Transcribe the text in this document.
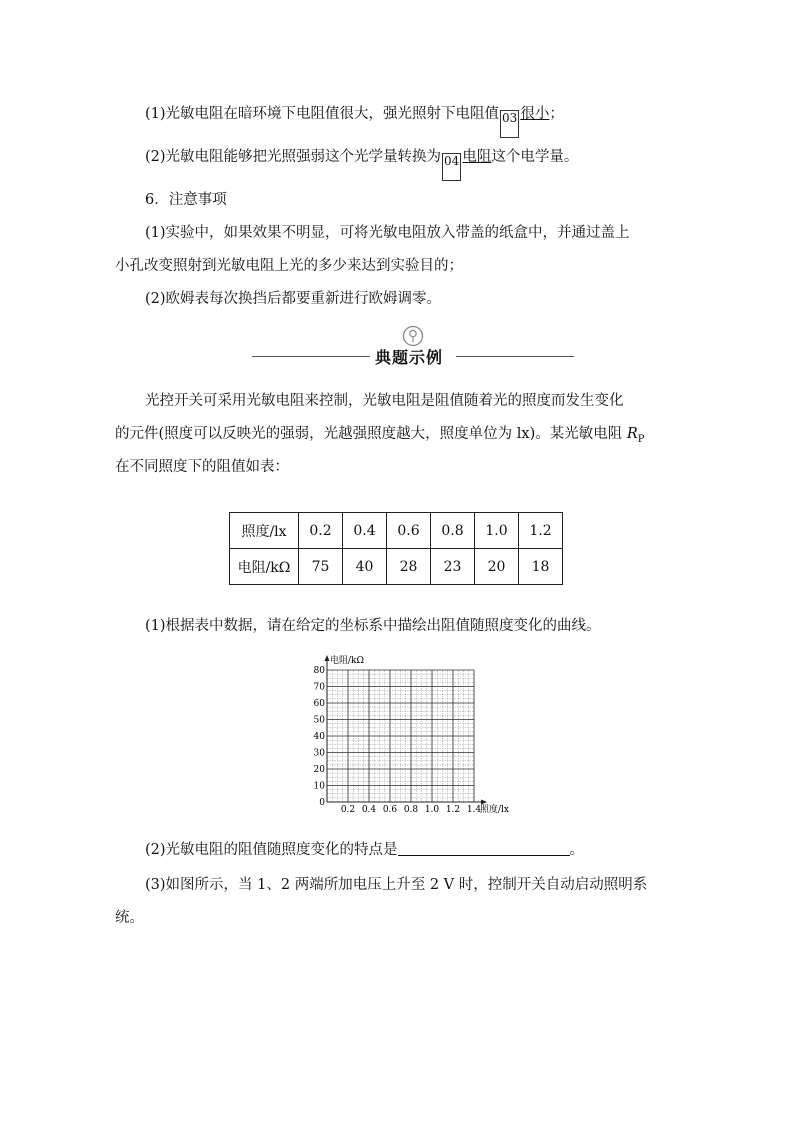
(1)光敏电阻在暗环境下电阻值很大，强光照射下电阻值 03 很小；
(2)光敏电阻能够把光照强弱这个光学量转换为 04 电阻这个电学量。
6．注意事项
(1)实验中，如果效果不明显，可将光敏电阻放入带盖的纸盒中，并通过盖上
小孔改变照射到光敏电阻上光的多少来达到实验目的；
(2)欧姆表每次换挡后都要重新进行欧姆调零。
典题示例
光控开关可采用光敏电阻来控制，光敏电阻是阻值随着光的照度而发生变化
的元件(照度可以反映光的强弱，光越强照度越大，照度单位为 lx)。某光敏电阻 $R_P$
在不同照度下的阻值如表：
照度/lx	0.2	0.4	0.6	0.8	1.0	1.2
电阻/kΩ	75	40	28	23	20	18
(1)根据表中数据，请在给定的坐标系中描绘出阻值随照度变化的曲线。
0
10
20
30
40
50
60
70
80
0.2 0.4 0.6 0.8 1.0 1.2 1.4
电阻/kΩ
照度/lx
(2)光敏电阻的阻值随照度变化的特点是	。
(3)如图所示，当 1、2 两端所加电压上升至 2 V 时，控制开关自动启动照明系
统。
